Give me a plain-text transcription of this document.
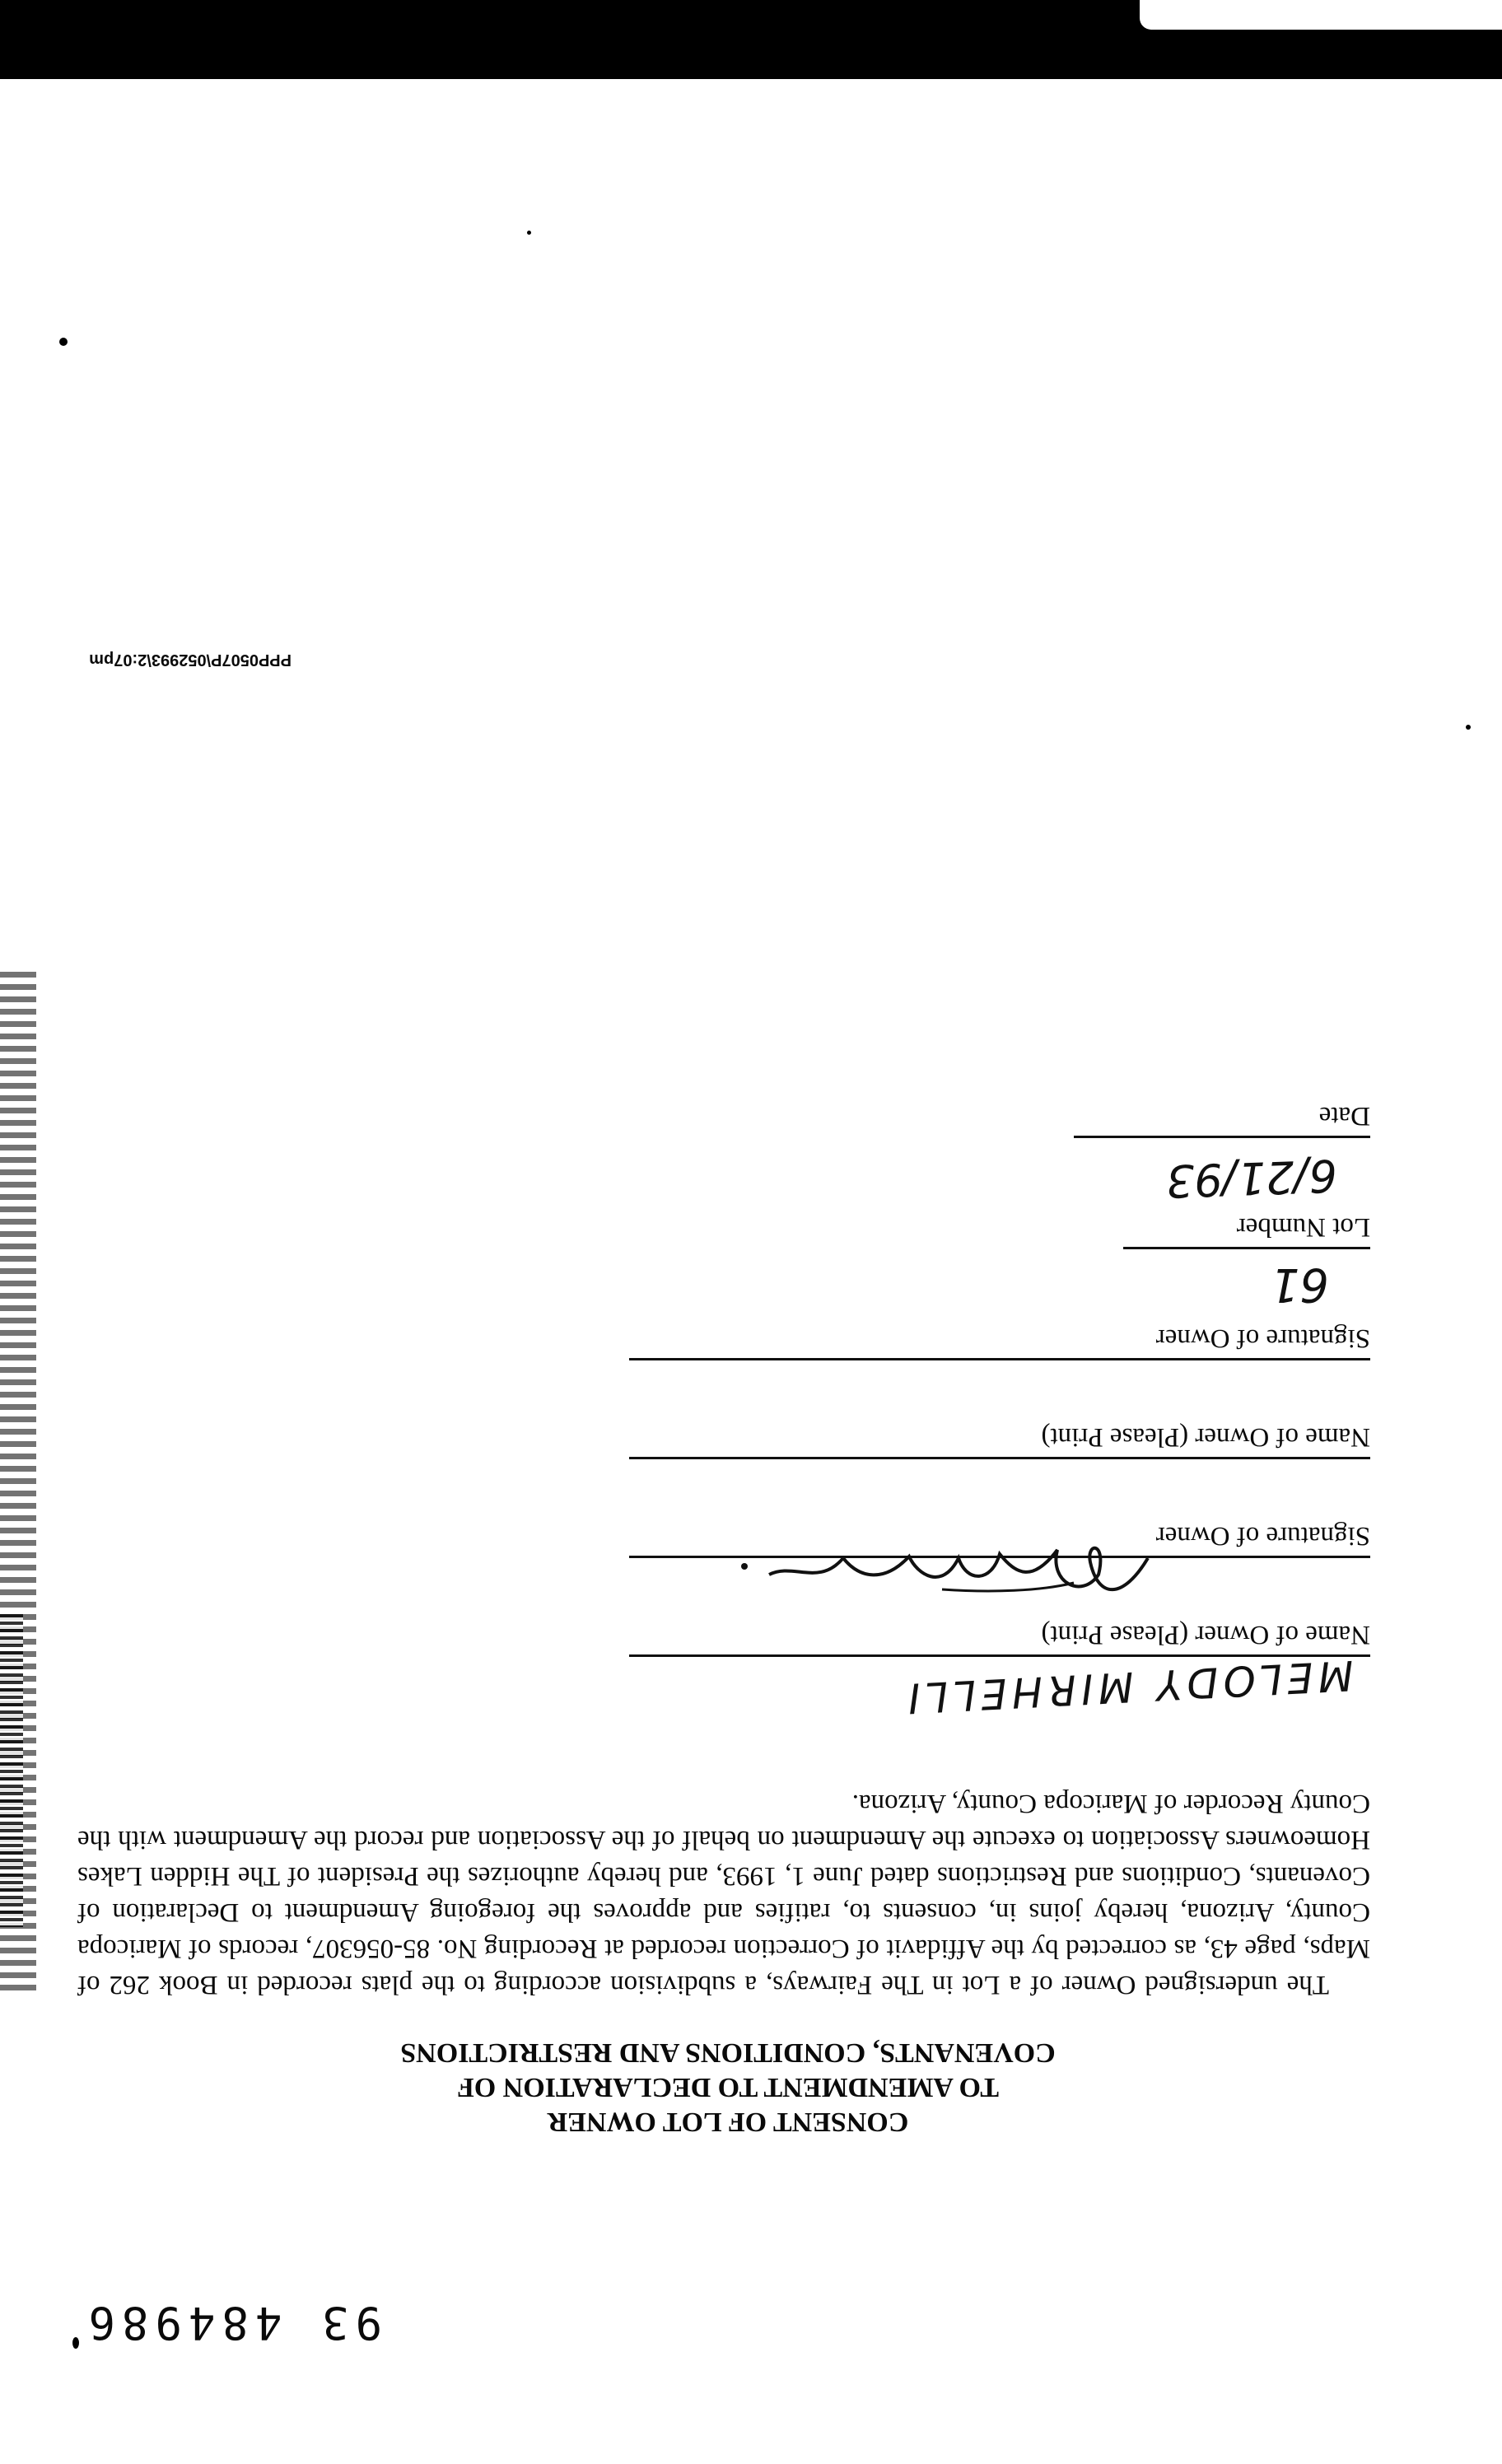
93 484986
CONSENT OF LOT OWNER
TO AMENDMENT TO DECLARATION OF
COVENANTS, CONDITIONS AND RESTRICTIONS

The undersigned Owner of a Lot in The Fairways, a subdivision according to the plats recorded in Book 262 of Maps, page 43, as corrected by the Affidavit of Correction recorded at Recording No. 85-056307, records of Maricopa County, Arizona, hereby joins in, consents to, ratifies and approves the foregoing Amendment to Declaration of Covenants, Conditions and Restrictions dated June 1, 1993, and hereby authorizes the President of The Hidden Lakes Homeowners Association to execute the Amendment on behalf of the Association and record the Amendment with the County Recorder of Maricopa County, Arizona.

MELODY MIRHELLI
Name of Owner (Please Print)
Signature of Owner
Name of Owner (Please Print)
Signature of Owner
61
Lot Number
6/21/93
Date
PPP0507P\052993\2:07pm
